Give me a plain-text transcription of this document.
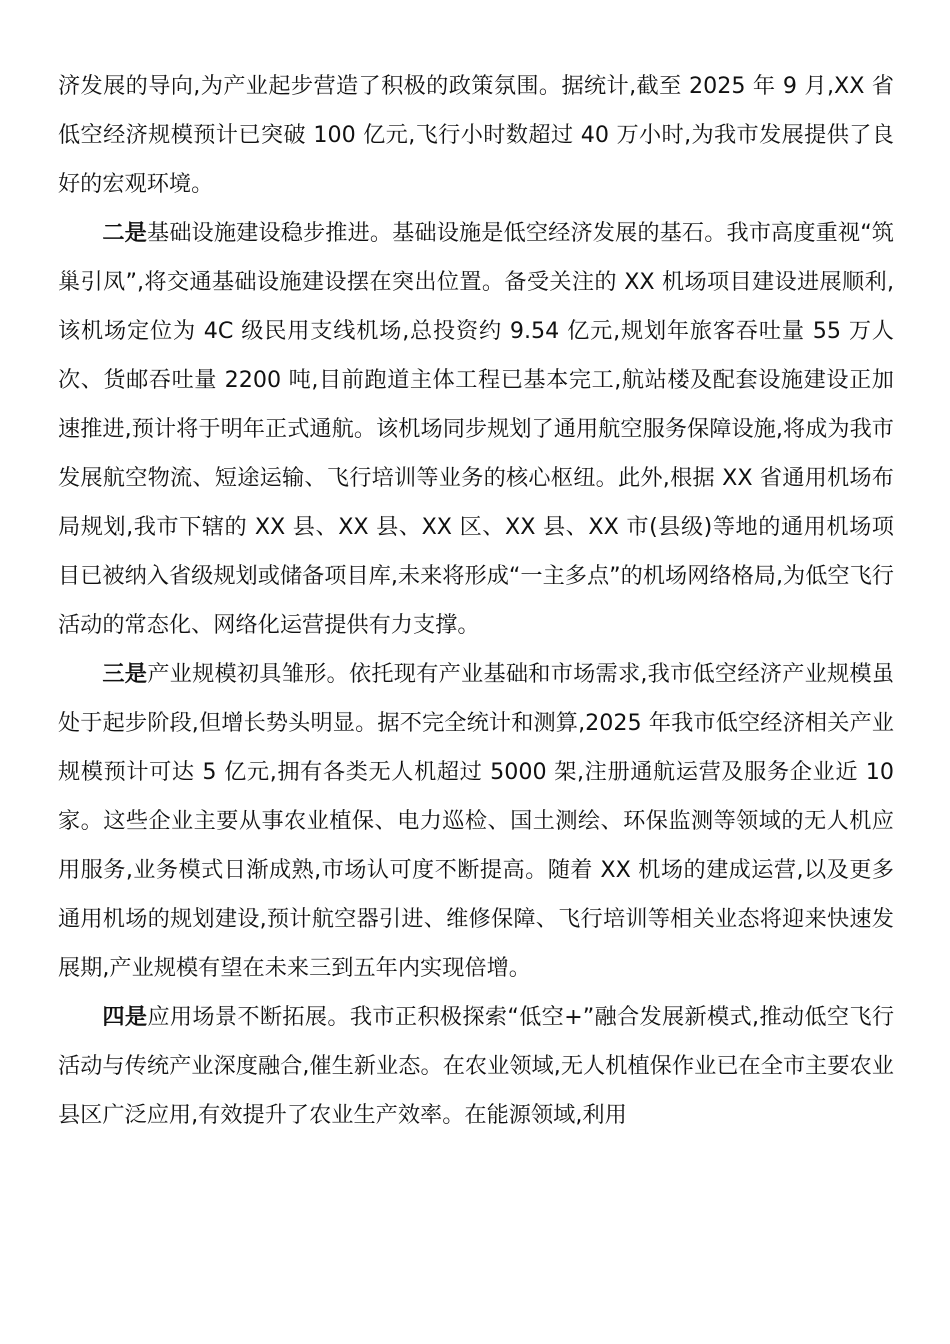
济发展的导向,为产业起步营造了积极的政策氛围。据统计,截至 2025 年 9 月,XX 省低空经济规模预计已突破 100 亿元,飞行小时数超过 40 万小时,为我市发展提供了良好的宏观环境。

二是基础设施建设稳步推进。基础设施是低空经济发展的基石。我市高度重视“筑巢引凤”,将交通基础设施建设摆在突出位置。备受关注的 XX 机场项目建设进展顺利,该机场定位为 4C 级民用支线机场,总投资约 9.54 亿元,规划年旅客吞吐量 55 万人次、货邮吞吐量 2200 吨,目前跑道主体工程已基本完工,航站楼及配套设施建设正加速推进,预计将于明年正式通航。该机场同步规划了通用航空服务保障设施,将成为我市发展航空物流、短途运输、飞行培训等业务的核心枢纽。此外,根据 XX 省通用机场布局规划,我市下辖的 XX 县、XX 县、XX 区、XX 县、XX 市(县级)等地的通用机场项目已被纳入省级规划或储备项目库,未来将形成“一主多点”的机场网络格局,为低空飞行活动的常态化、网络化运营提供有力支撑。

三是产业规模初具雏形。依托现有产业基础和市场需求,我市低空经济产业规模虽处于起步阶段,但增长势头明显。据不完全统计和测算,2025 年我市低空经济相关产业规模预计可达 5 亿元,拥有各类无人机超过 5000 架,注册通航运营及服务企业近 10 家。这些企业主要从事农业植保、电力巡检、国土测绘、环保监测等领域的无人机应用服务,业务模式日渐成熟,市场认可度不断提高。随着 XX 机场的建成运营,以及更多通用机场的规划建设,预计航空器引进、维修保障、飞行培训等相关业态将迎来快速发展期,产业规模有望在未来三到五年内实现倍增。

四是应用场景不断拓展。我市正积极探索“低空+”融合发展新模式,推动低空飞行活动与传统产业深度融合,催生新业态。在农业领域,无人机植保作业已在全市主要农业县区广泛应用,有效提升了农业生产效率。在能源领域,利用
